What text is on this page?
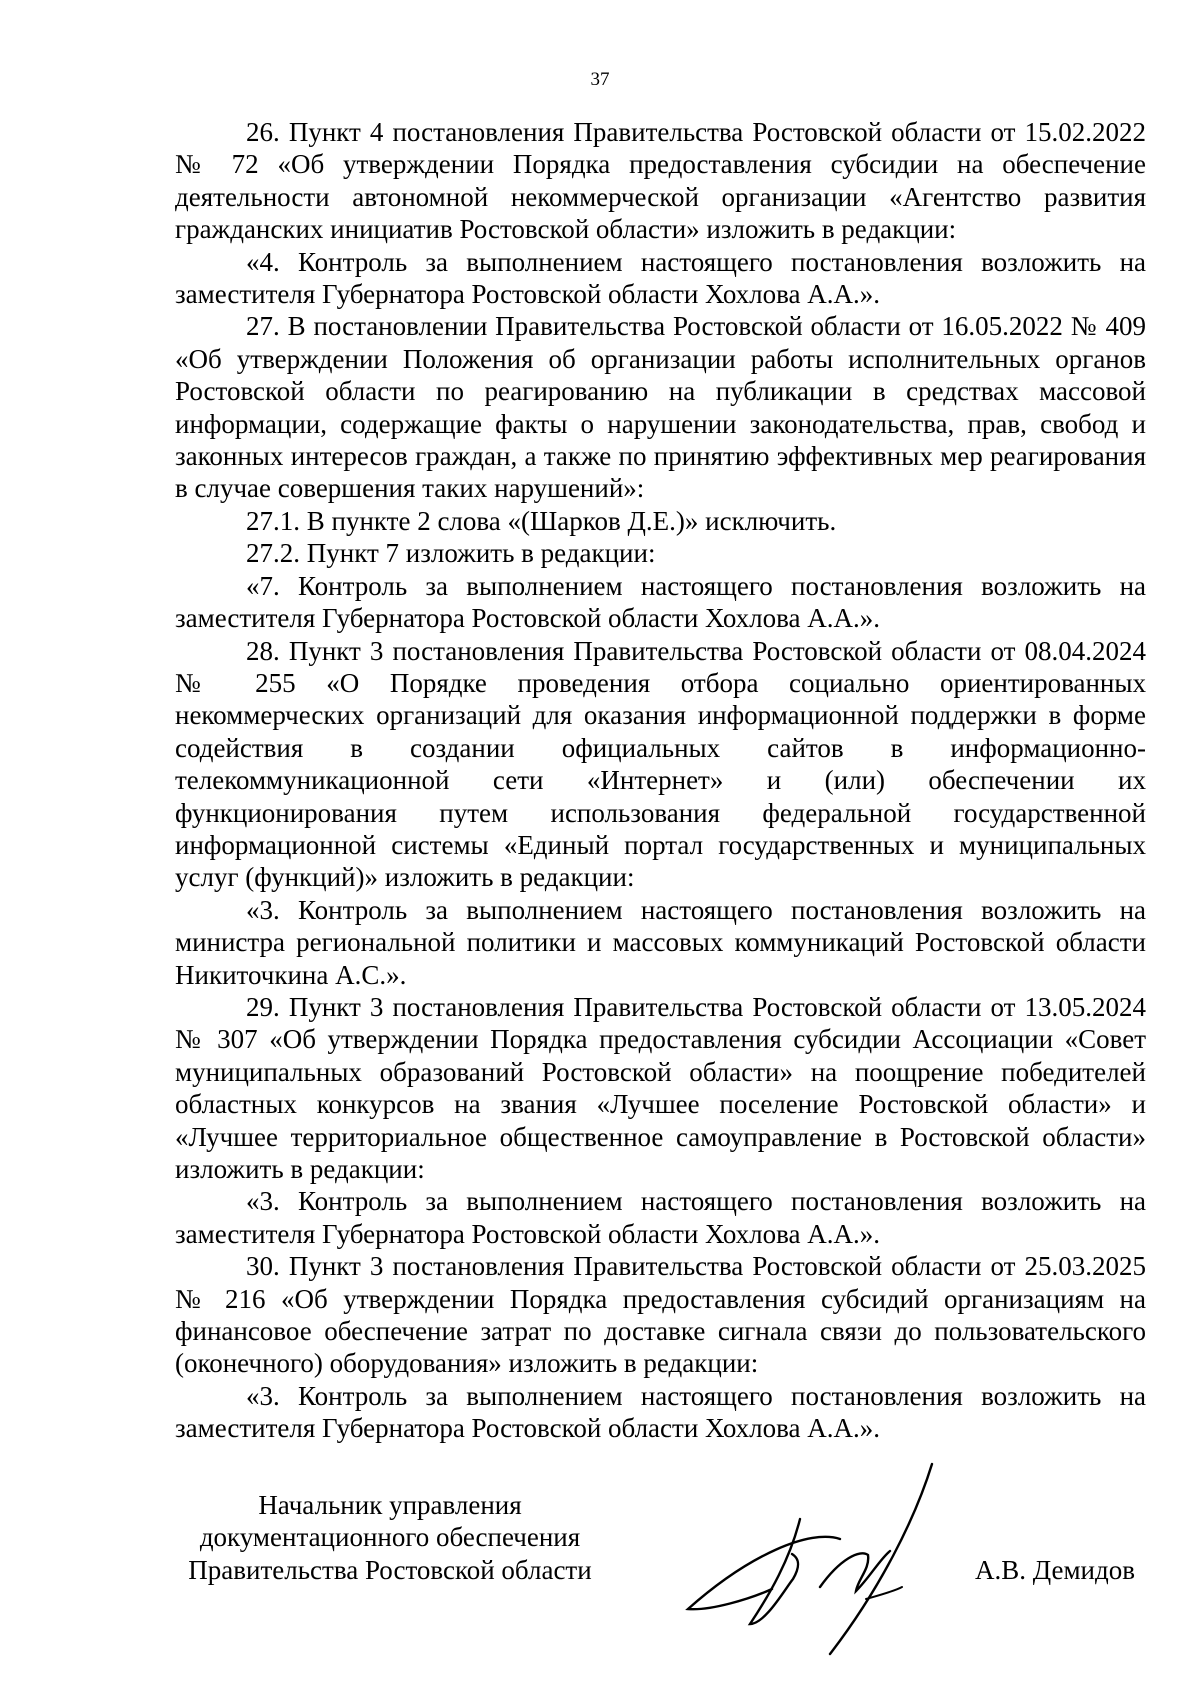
37

26. Пункт 4 постановления Правительства Ростовской области от 15.02.2022 № 72 «Об утверждении Порядка предоставления субсидии на обеспечение деятельности автономной некоммерческой организации «Агентство развития гражданских инициатив Ростовской области» изложить в редакции:

«4. Контроль за выполнением настоящего постановления возложить на заместителя Губернатора Ростовской области Хохлова А.А.».

27. В постановлении Правительства Ростовской области от 16.05.2022 № 409 «Об утверждении Положения об организации работы исполнительных органов Ростовской области по реагированию на публикации в средствах массовой информации, содержащие факты о нарушении законодательства, прав, свобод и законных интересов граждан, а также по принятию эффективных мер реагирования в случае совершения таких нарушений»:

27.1. В пункте 2 слова «(Шарков Д.Е.)» исключить.

27.2. Пункт 7 изложить в редакции:

«7. Контроль за выполнением настоящего постановления возложить на заместителя Губернатора Ростовской области Хохлова А.А.».

28. Пункт 3 постановления Правительства Ростовской области от 08.04.2024 № 255 «О Порядке проведения отбора социально ориентированных некоммерческих организаций для оказания информационной поддержки в форме содействия в создании официальных сайтов в информационно-телекоммуникационной сети «Интернет» и (или) обеспечении их функционирования путем использования федеральной государственной информационной системы «Единый портал государственных и муниципальных услуг (функций)» изложить в редакции:

«3. Контроль за выполнением настоящего постановления возложить на министра региональной политики и массовых коммуникаций Ростовской области Никиточкина А.С.».

29. Пункт 3 постановления Правительства Ростовской области от 13.05.2024 № 307 «Об утверждении Порядка предоставления субсидии Ассоциации «Совет муниципальных образований Ростовской области» на поощрение победителей областных конкурсов на звания «Лучшее поселение Ростовской области» и «Лучшее территориальное общественное самоуправление в Ростовской области» изложить в редакции:

«3. Контроль за выполнением настоящего постановления возложить на заместителя Губернатора Ростовской области Хохлова А.А.».

30. Пункт 3 постановления Правительства Ростовской области от 25.03.2025 № 216 «Об утверждении Порядка предоставления субсидий организациям на финансовое обеспечение затрат по доставке сигнала связи до пользовательского (оконечного) оборудования» изложить в редакции:

«3. Контроль за выполнением настоящего постановления возложить на заместителя Губернатора Ростовской области Хохлова А.А.».

Начальник управления
документационного обеспечения
Правительства Ростовской области	А.В. Демидов
